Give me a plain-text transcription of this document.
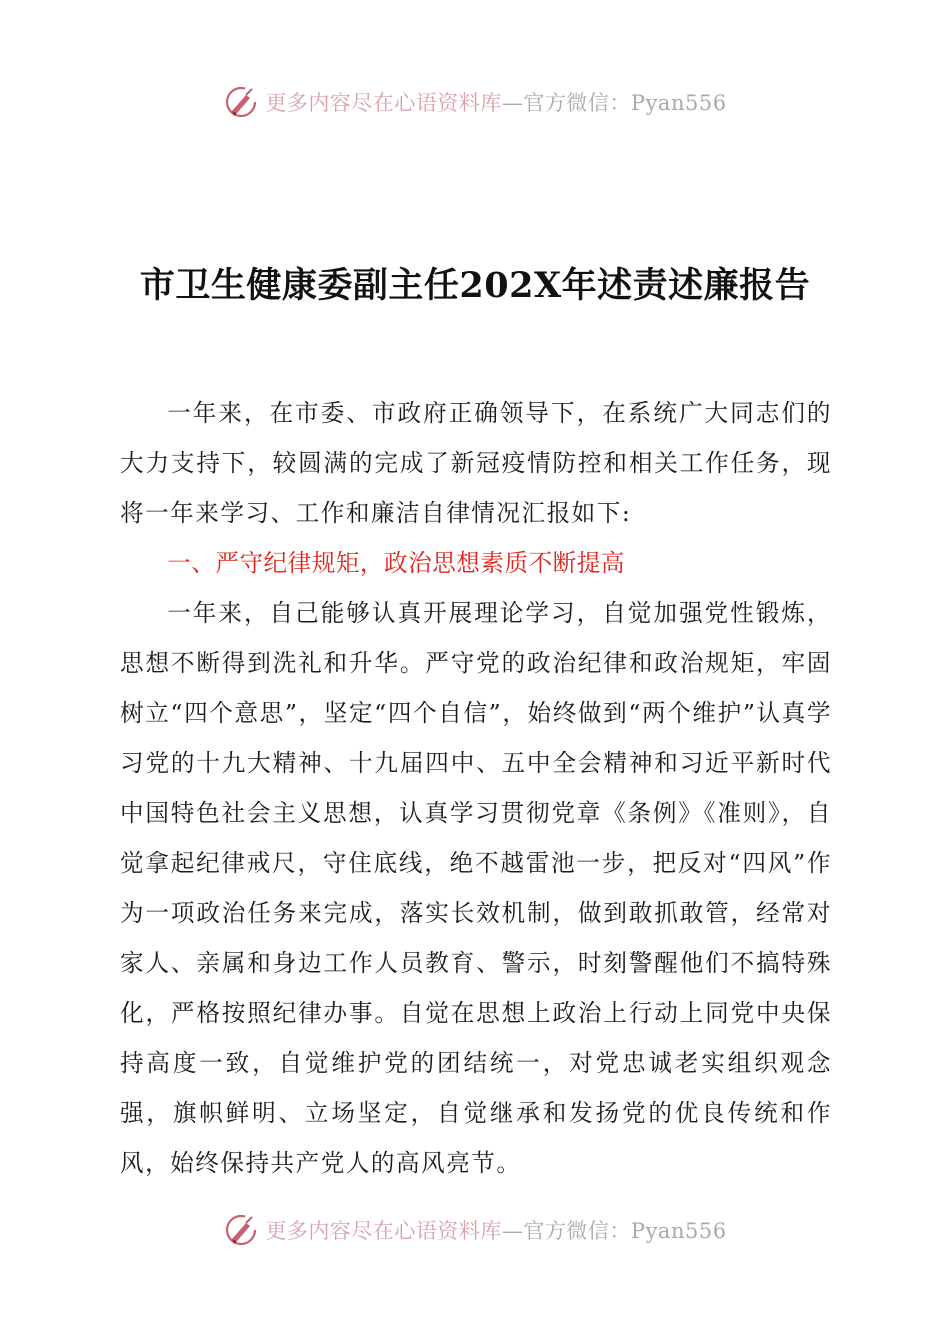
更多内容尽在心语资料库—官方微信：Pyan556
市卫生健康委副主任202X年述责述廉报告

一年来，在市委、市政府正确领导下，在系统广大同志们的大力支持下，较圆满的完成了新冠疫情防控和相关工作任务，现将一年来学习、工作和廉洁自律情况汇报如下:

一、严守纪律规矩，政治思想素质不断提高

一年来，自己能够认真开展理论学习，自觉加强党性锻炼，思想不断得到洗礼和升华。严守党的政治纪律和政治规矩，牢固树立“四个意思”，坚定“四个自信”，始终做到“两个维护”认真学习党的十九大精神、十九届四中、五中全会精神和习近平新时代中国特色社会主义思想，认真学习贯彻党章《条例》《准则》，自觉拿起纪律戒尺，守住底线，绝不越雷池一步，把反对“四风”作为一项政治任务来完成，落实长效机制，做到敢抓敢管，经常对家人、亲属和身边工作人员教育、警示，时刻警醒他们不搞特殊化，严格按照纪律办事。自觉在思想上政治上行动上同党中央保持高度一致，自觉维护党的团结统一，对党忠诚老实组织观念强，旗帜鲜明、立场坚定，自觉继承和发扬党的优良传统和作风，始终保持共产党人的高风亮节。

更多内容尽在心语资料库—官方微信：Pyan556
